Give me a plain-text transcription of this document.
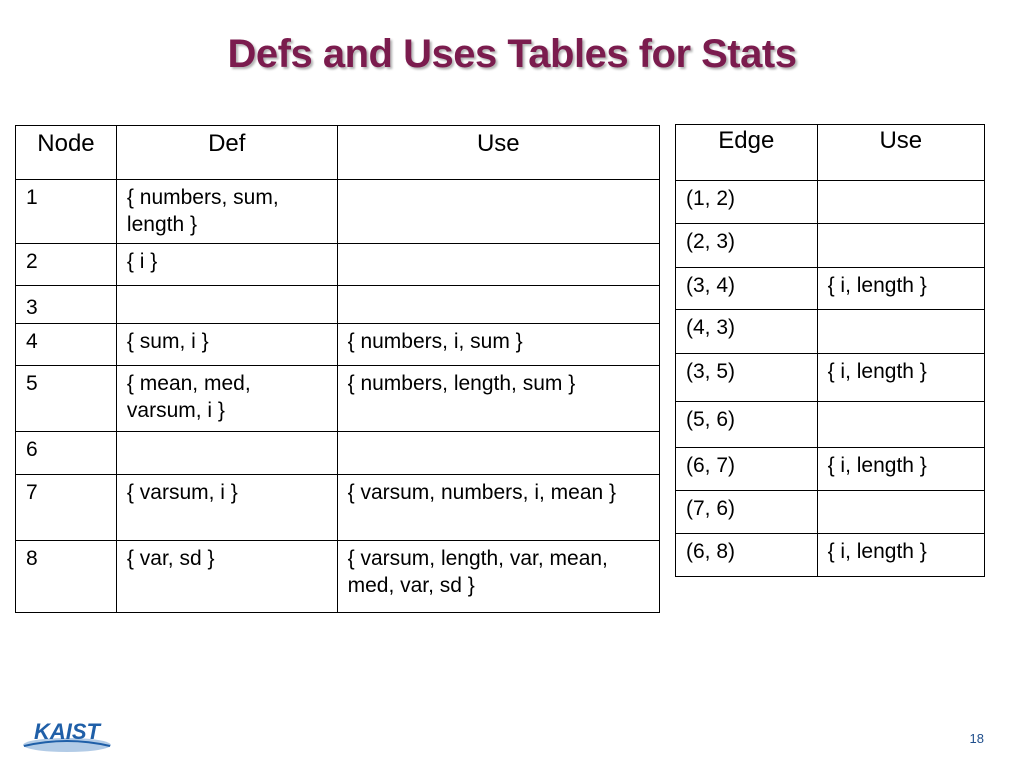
Defs and Uses Tables for Stats
Node	Def	Use
1	{ numbers, sum, length }	
2	{ i }	
3		
4	{ sum, i }	{ numbers, i, sum }
5	{ mean, med, varsum, i }	{ numbers, length, sum }
6		
7	{ varsum, i }	{ varsum, numbers, i, mean }
8	{ var, sd }	{ varsum, length, var, mean, med, var, sd }
Edge	Use
(1, 2)	
(2, 3)	
(3, 4)	{ i, length }
(4, 3)	
(3, 5)	{ i, length }
(5, 6)	
(6, 7)	{ i, length }
(7, 6)	
(6, 8)	{ i, length }
KAIST	18
